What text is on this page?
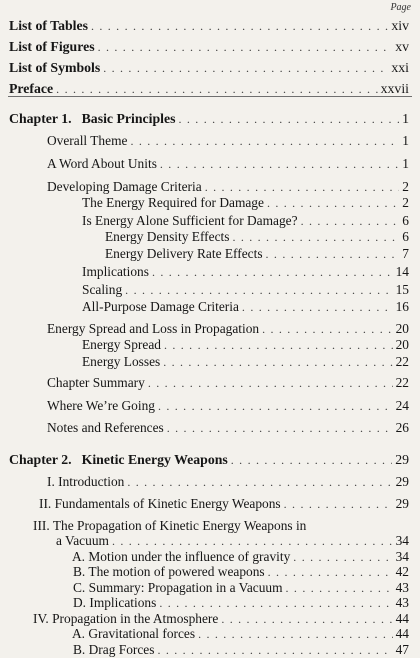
Page
List of Tables . . .	xiv
List of Figures . . .	xv
List of Symbols . . .	xxi
Preface . . .	xxvii
Chapter 1. Basic Principles . . .	1
Overall Theme . . .	1
A Word About Units . . .	1
Developing Damage Criteria . . .	2
The Energy Required for Damage . . .	2
Is Energy Alone Sufficient for Damage? . . .	6
Energy Density Effects . . .	6
Energy Delivery Rate Effects . . .	7
Implications . . .	14
Scaling . . .	15
All-Purpose Damage Criteria . . .	16
Energy Spread and Loss in Propagation . . .	20
Energy Spread . . .	20
Energy Losses . . .	22
Chapter Summary . . .	22
Where We’re Going . . .	24
Notes and References . . .	26
Chapter 2. Kinetic Energy Weapons . . .	29
I. Introduction . . .	29
II. Fundamentals of Kinetic Energy Weapons . . .	29
III. The Propagation of Kinetic Energy Weapons in
a Vacuum . . .	34
A. Motion under the influence of gravity . . .	34
B. The motion of powered weapons . . .	42
C. Summary: Propagation in a Vacuum . . .	43
D. Implications . . .	43
IV. Propagation in the Atmosphere . . .	44
A. Gravitational forces . . .	44
B. Drag Forces . . .	47
